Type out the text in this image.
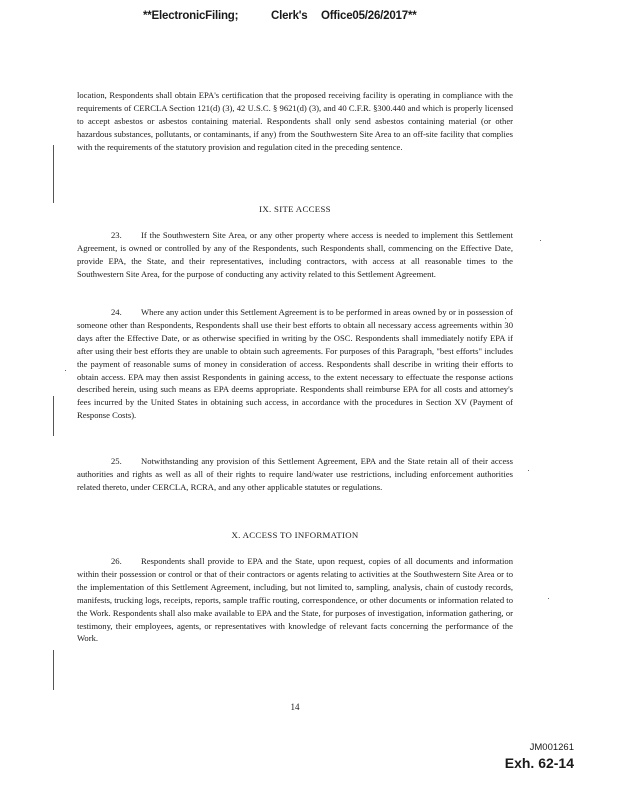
**ElectronicFiling;	Clerk's Office05/26/2017**
location, Respondents shall obtain EPA's certification that the proposed receiving facility is operating in compliance with the requirements of CERCLA Section 121(d) (3), 42 U.S.C. § 9621(d) (3), and 40 C.F.R. §300.440 and which is properly licensed to accept asbestos or asbestos containing material. Respondents shall only send asbestos containing material (or other hazardous substances, pollutants, or contaminants, if any) from the Southwestern Site Area to an off-site facility that complies with the requirements of the statutory provision and regulation cited in the preceding sentence.
IX. SITE ACCESS
23. If the Southwestern Site Area, or any other property where access is needed to implement this Settlement Agreement, is owned or controlled by any of the Respondents, such Respondents shall, commencing on the Effective Date, provide EPA, the State, and their representatives, including contractors, with access at all reasonable times to the Southwestern Site Area, for the purpose of conducting any activity related to this Settlement Agreement.
24. Where any action under this Settlement Agreement is to be performed in areas owned by or in possession of someone other than Respondents, Respondents shall use their best efforts to obtain all necessary access agreements within 30 days after the Effective Date, or as otherwise specified in writing by the OSC. Respondents shall immediately notify EPA if after using their best efforts they are unable to obtain such agreements. For purposes of this Paragraph, "best efforts" includes the payment of reasonable sums of money in consideration of access. Respondents shall describe in writing their efforts to obtain access. EPA may then assist Respondents in gaining access, to the extent necessary to effectuate the response actions described herein, using such means as EPA deems appropriate. Respondents shall reimburse EPA for all costs and attorney's fees incurred by the United States in obtaining such access, in accordance with the procedures in Section XV (Payment of Response Costs).
25. Notwithstanding any provision of this Settlement Agreement, EPA and the State retain all of their access authorities and rights as well as all of their rights to require land/water use restrictions, including enforcement authorities related thereto, under CERCLA, RCRA, and any other applicable statutes or regulations.
X. ACCESS TO INFORMATION
26. Respondents shall provide to EPA and the State, upon request, copies of all documents and information within their possession or control or that of their contractors or agents relating to activities at the Southwestern Site Area or to the implementation of this Settlement Agreement, including, but not limited to, sampling, analysis, chain of custody records, manifests, trucking logs, receipts, reports, sample traffic routing, correspondence, or other documents or information related to the Work. Respondents shall also make available to EPA and the State, for purposes of investigation, information gathering, or testimony, their employees, agents, or representatives with knowledge of relevant facts concerning the performance of the Work.
14
JM001261
Exh. 62-14
